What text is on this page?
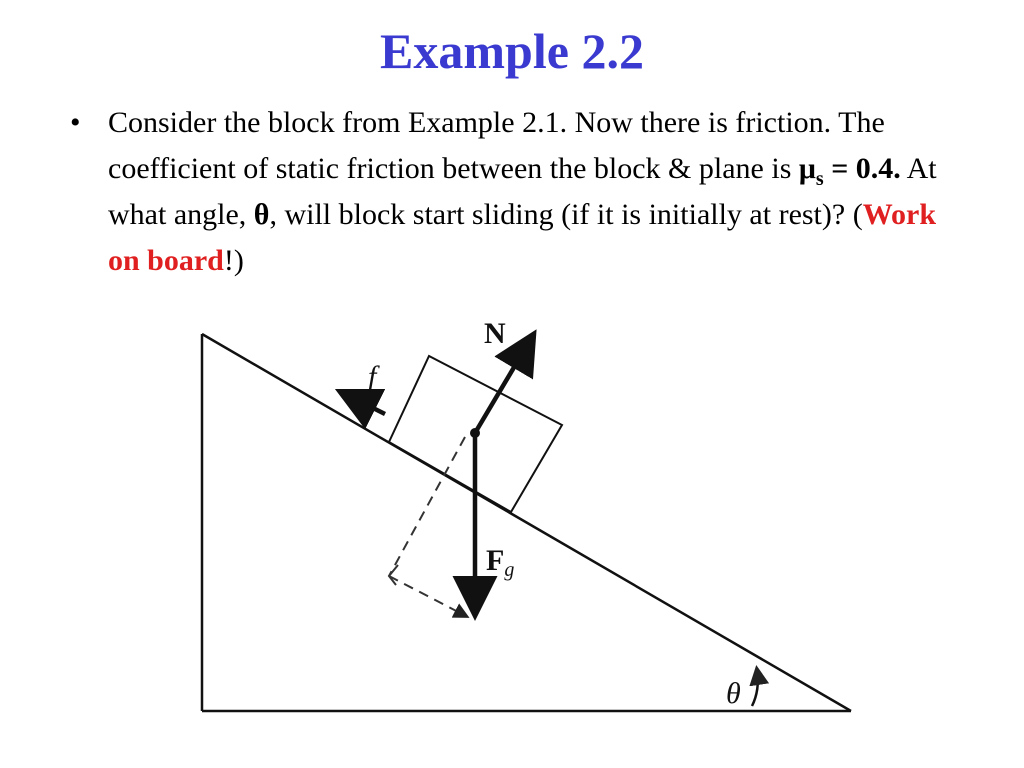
Example 2.2
• Consider the block from Example 2.1. Now there is friction. The coefficient of static friction between the block & plane is $\mu_s = 0.4$. At what angle, θ, will block start sliding (if it is initially at rest)? (Work on board!)
N
$F_g$
f
θ
